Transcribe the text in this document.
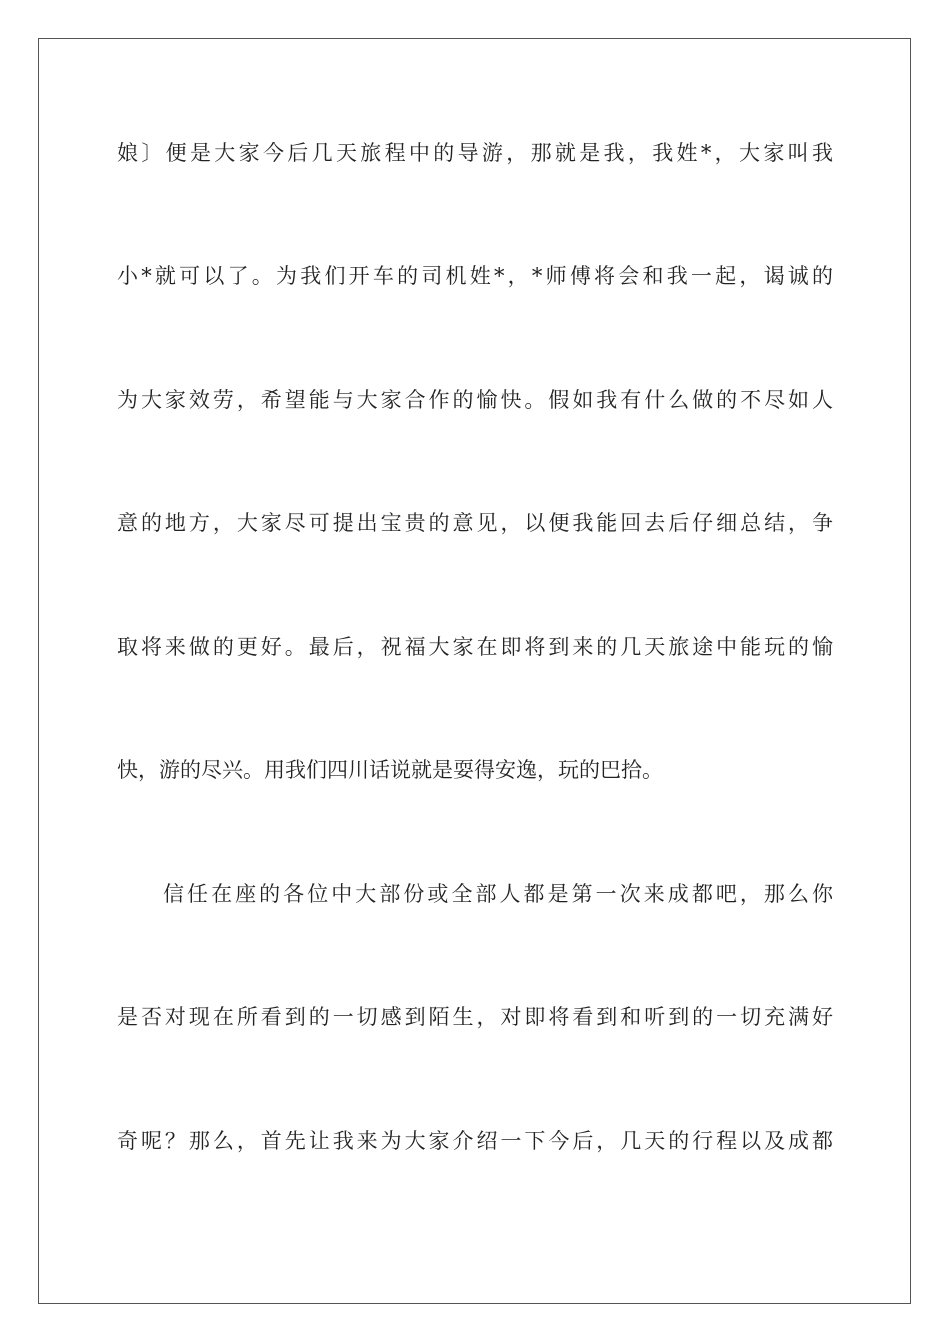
娘〕便是大家今后几天旅程中的导游，那就是我，我姓*，大家叫我
小*就可以了。为我们开车的司机姓*，*师傅将会和我一起，谒诚的
为大家效劳，希望能与大家合作的愉快。假如我有什么做的不尽如人
意的地方，大家尽可提出宝贵的意见，以便我能回去后仔细总结，争
取将来做的更好。最后，祝福大家在即将到来的几天旅途中能玩的愉
快，游的尽兴。用我们四川话说就是耍得安逸，玩的巴拾。
信任在座的各位中大部份或全部人都是第一次来成都吧，那么你
是否对现在所看到的一切感到陌生，对即将看到和听到的一切充满好
奇呢？那么，首先让我来为大家介绍一下今后，几天的行程以及成都
